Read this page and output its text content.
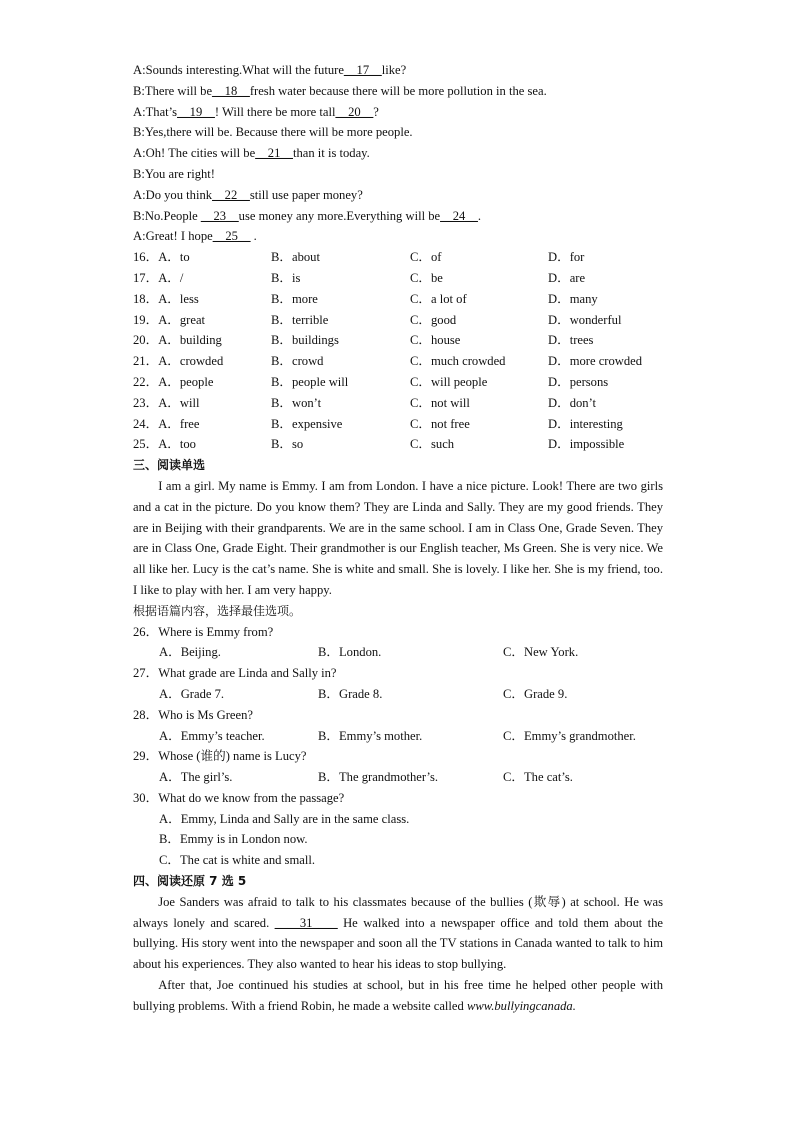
A:Sounds interesting.What will the future__17__like?
B:There will be__18__fresh water because there will be more pollution in the sea.
A:That’s__19__! Will there be more tall__20__?
B:Yes,there will be. Because there will be more people.
A:Oh! The cities will be__21__than it is today.
B:You are right!
A:Do you think__22__still use paper money?
B:No.People __23__use money any more.Everything will be__24__.
A:Great! I hope__25__ .
16．A．to	B．about	C．of	D．for
17．A．/	B．is	C．be	D．are
18．A．less	B．more	C．a lot of	D．many
19．A．great	B．terrible	C．good	D．wonderful
20．A．building	B．buildings	C．house	D．trees
21．A．crowded	B．crowd	C．much crowded	D．more crowded
22．A．people	B．people will	C．will people	D．persons
23．A．will	B．won’t	C．not will	D．don’t
24．A．free	B．expensive	C．not free	D．interesting
25．A．too	B．so	C．such	D．impossible
三、阅读单选

I am a girl. My name is Emmy. I am from London. I have a nice picture. Look! There are two girls and a cat in the picture. Do you know them? They are Linda and Sally. They are my good friends. They are in Beijing with their grandparents. We are in the same school. I am in Class One, Grade Seven. They are in Class One, Grade Eight. Their grandmother is our English teacher, Ms Green. She is very nice. We all like her. Lucy is the cat’s name. She is white and small. She is lovely. I like her. She is my friend, too. I like to play with her. I am very happy.

根据语篇内容，选择最佳选项。
26．Where is Emmy from?
A．Beijing.	B．London.	C．New York.
27．What grade are Linda and Sally in?
A．Grade 7.	B．Grade 8.	C．Grade 9.
28．Who is Ms Green?
A．Emmy’s teacher.	B．Emmy’s mother.	C．Emmy’s grandmother.
29．Whose (谁的) name is Lucy?
A．The girl’s.	B．The grandmother’s.	C．The cat’s.
30．What do we know from the passage?
A．Emmy, Linda and Sally are in the same class.
B．Emmy is in London now.
C．The cat is white and small.
四、阅读还原 7 选 5

Joe Sanders was afraid to talk to his classmates because of the bullies (欺辱) at school. He was always lonely and scared. ____31____ He walked into a newspaper office and told them about the bullying. His story went into the newspaper and soon all the TV stations in Canada wanted to talk to him about his experiences. They also wanted to hear his ideas to stop bullying.

After that, Joe continued his studies at school, but in his free time he helped other people with bullying problems. With a friend Robin, he made a website called www.bullyingcanada.
